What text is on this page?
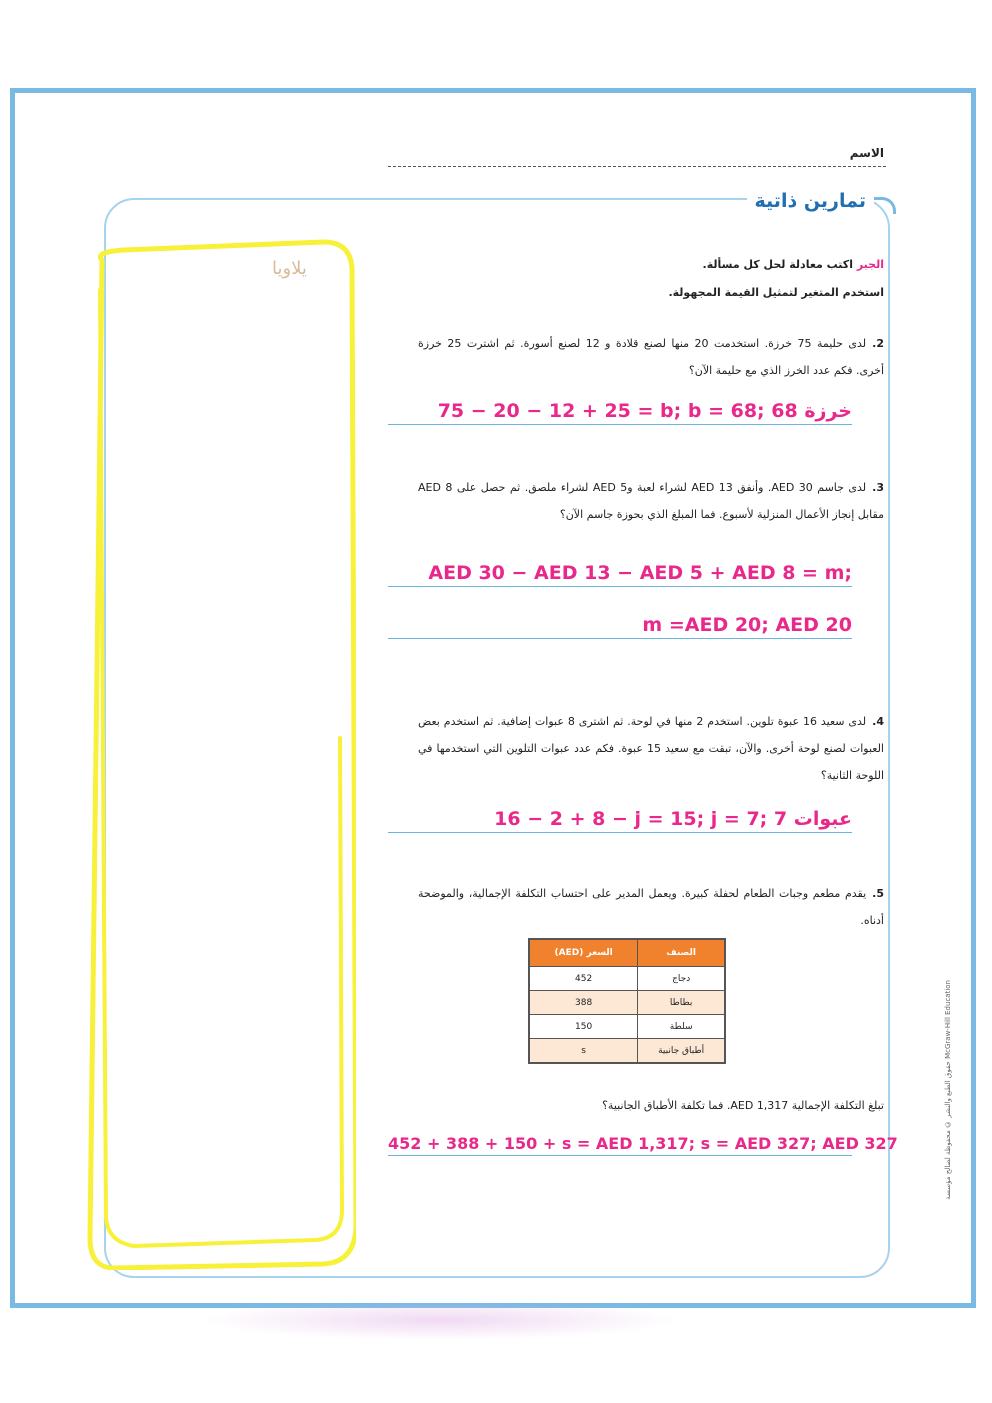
الاسم
تمارين ذاتية
الجبر اكتب معادلة لحل كل مسألة.
استخدم المتغير لتمثيل القيمة المجهولة.
يلاويا
2.لدى حليمة 75 خرزة. استخدمت 20 منها لصنع قلادة و 12 لصنع أسورة. ثم اشترت 25 خرزة أخرى. فكم عدد الخرز الذي مع حليمة الآن؟
75 − 20 − 12 + 25 = b; b = 68; 68 خرزة
3.لدى جاسم 30 AED. وأنفق 13 AED لشراء لعبة و5 AED لشراء ملصق. ثم حصل على 8 AED مقابل إنجاز الأعمال المنزلية لأسبوع. فما المبلغ الذي بحوزة جاسم الآن؟
AED 30 − AED 13 − AED 5 + AED 8 = m;
m =AED 20; AED 20
4.لدى سعيد 16 عبوة تلوين. استخدم 2 منها في لوحة. ثم اشترى 8 عبوات إضافية. ثم استخدم بعض العبوات لصنع لوحة أخرى. والآن، تبقت مع سعيد 15 عبوة. فكم عدد عبوات التلوين التي استخدمها في اللوحة الثانية؟
16 − 2 + 8 − j = 15; j = 7; 7 عبوات
5.يقدم مطعم وجبات الطعام لحفلة كبيرة. ويعمل المدير على احتساب التكلفة الإجمالية، والموضحة أدناه.
الصنف	السعر (AED)
دجاج	452
بطاطا	388
سلطة	150
أطباق جانبية	s
تبلغ التكلفة الإجمالية 1,317 AED. فما تكلفة الأطباق الجانبية؟
452 + 388 + 150 + s = AED 1,317; s = AED 327; AED 327	حقوق الطبع والنشر © محفوظة لصالح مؤسسة McGraw-Hill Education
